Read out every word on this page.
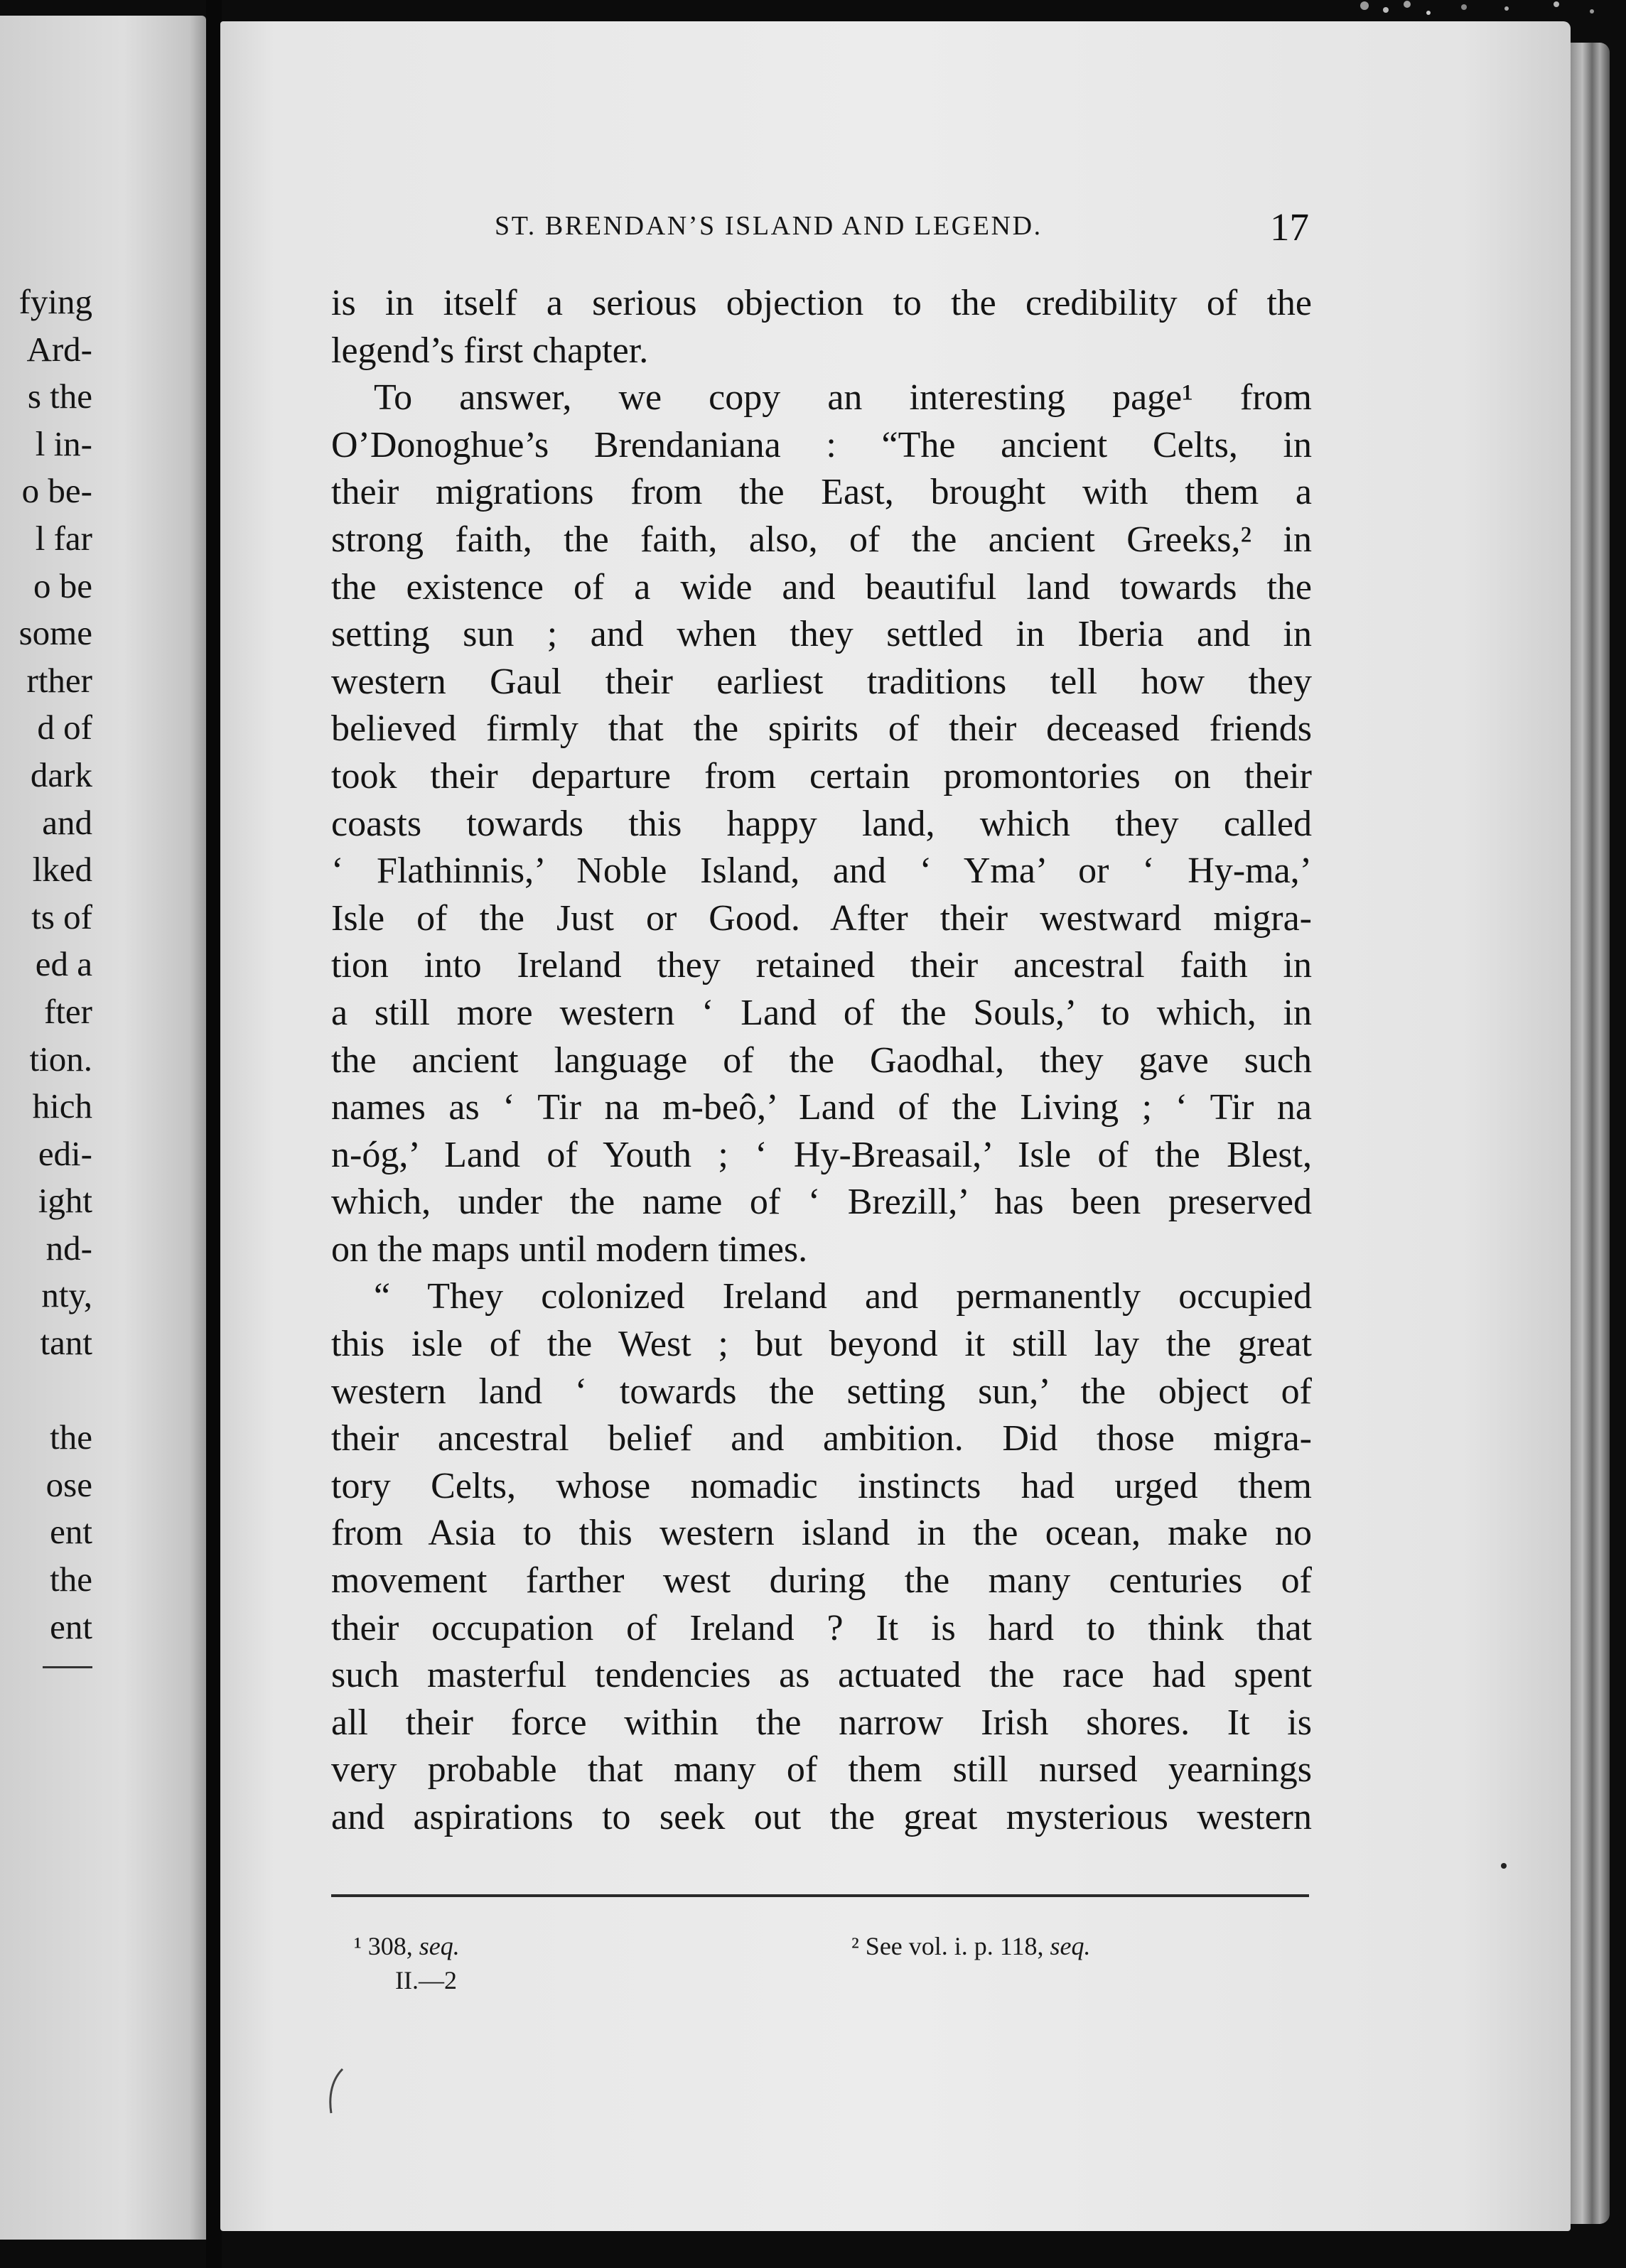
fying
Ard-
s the
l in-
o be-
l far
o be
some
rther
d of
dark
and
lked
ts of
ed a
fter
tion.
hich
edi-
ight
nd-
nty,
tant
the
ose
ent
the
ent
ST. BRENDAN’S ISLAND AND LEGEND.	17
is in itself a serious objection to the credibility of the
legend’s first chapter.
To answer, we copy an interesting page¹ from
O’Donoghue’s Brendaniana : “The ancient Celts, in
their migrations from the East, brought with them a
strong faith, the faith, also, of the ancient Greeks,² in
the existence of a wide and beautiful land towards the
setting sun ; and when they settled in Iberia and in
western Gaul their earliest traditions tell how they
believed firmly that the spirits of their deceased friends
took their departure from certain promontories on their
coasts towards this happy land, which they called
‘ Flathinnis,’ Noble Island, and ‘ Yma’ or ‘ Hy-ma,’
Isle of the Just or Good. After their westward migra-
tion into Ireland they retained their ancestral faith in
a still more western ‘ Land of the Souls,’ to which, in
the ancient language of the Gaodhal, they gave such
names as ‘ Tir na m-beô,’ Land of the Living ; ‘ Tir na
n-óg,’ Land of Youth ; ‘ Hy-Breasail,’ Isle of the Blest,
which, under the name of ‘ Brezill,’ has been preserved
on the maps until modern times.
“ They colonized Ireland and permanently occupied
this isle of the West ; but beyond it still lay the great
western land ‘ towards the setting sun,’ the object of
their ancestral belief and ambition. Did those migra-
tory Celts, whose nomadic instincts had urged them
from Asia to this western island in the ocean, make no
movement farther west during the many centuries of
their occupation of Ireland ? It is hard to think that
such masterful tendencies as actuated the race had spent
all their force within the narrow Irish shores. It is
very probable that many of them still nursed yearnings
and aspirations to seek out the great mysterious western
¹ 308, seq.	² See vol. i. p. 118, seq.
II.—2
